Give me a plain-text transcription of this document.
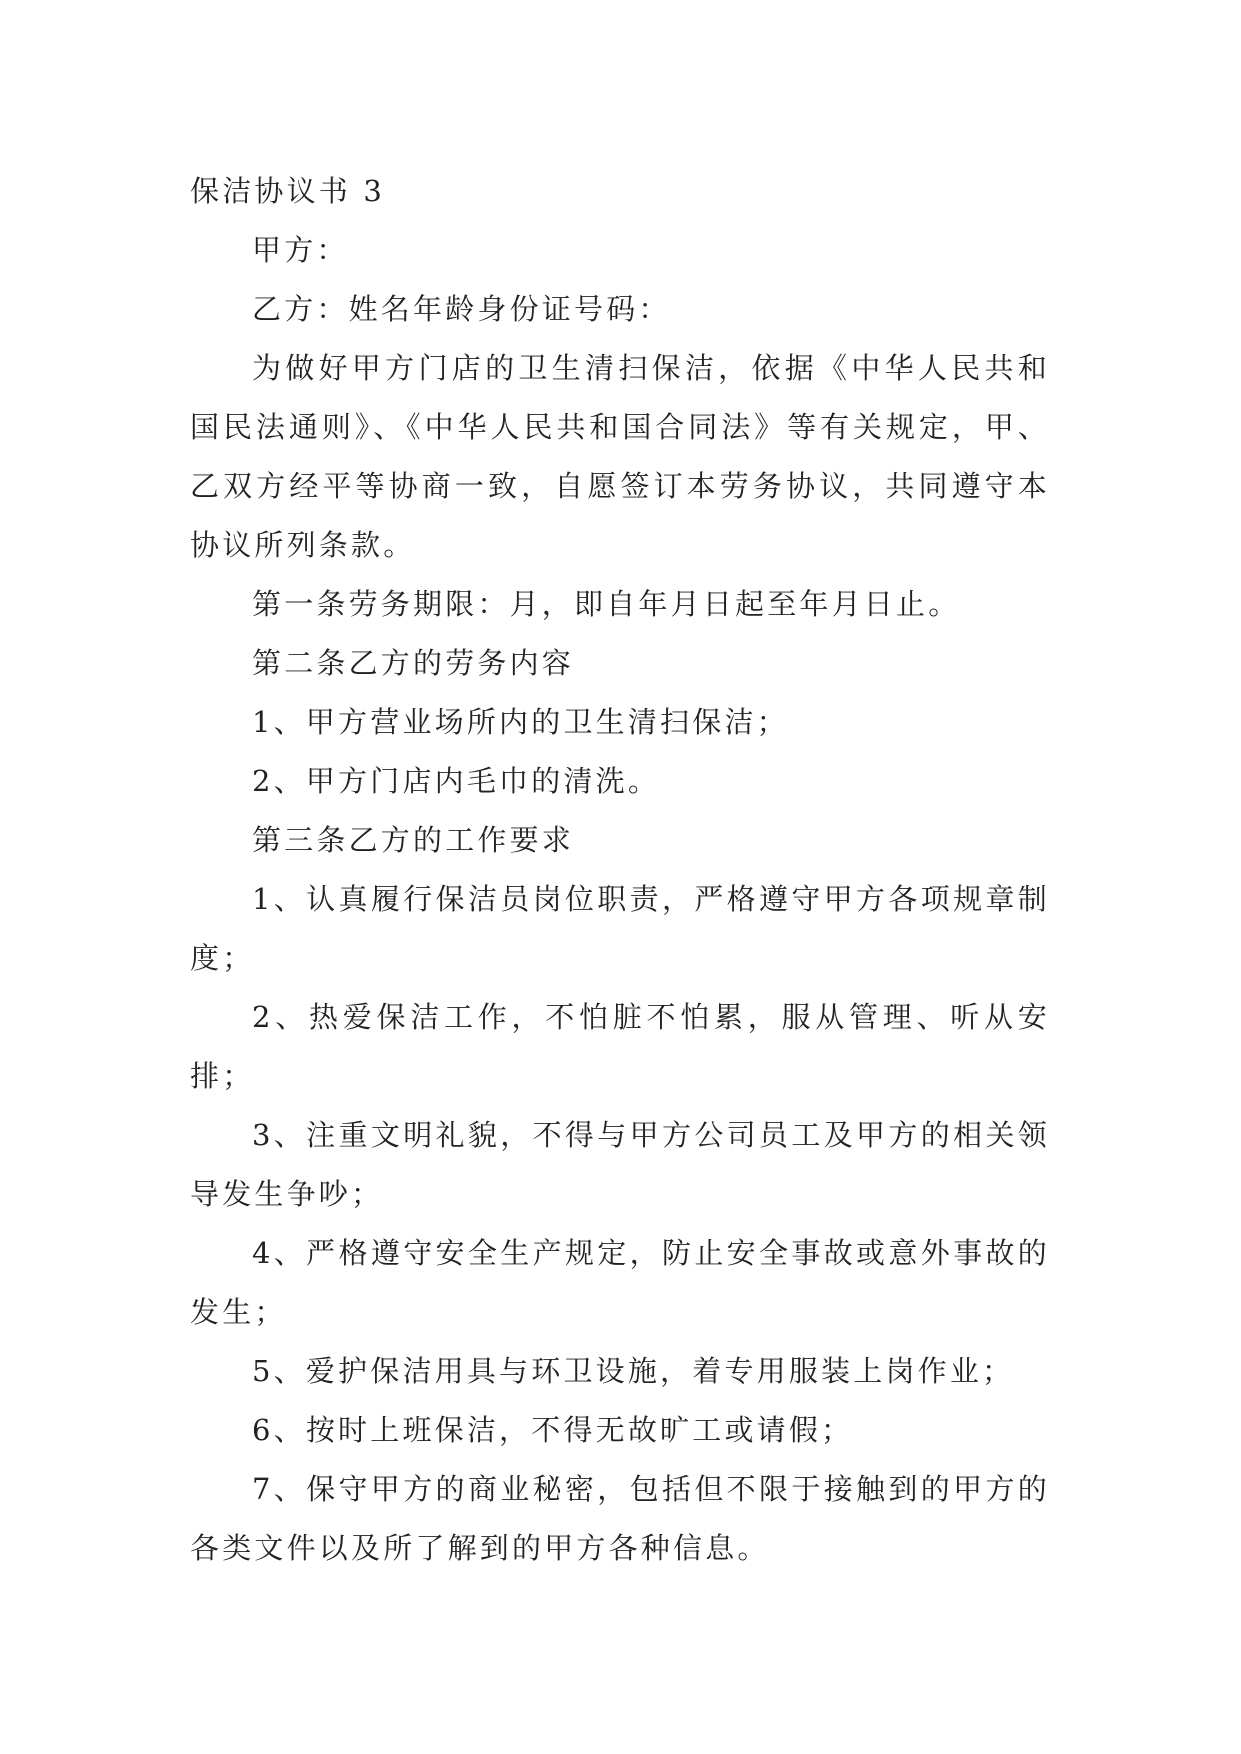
保洁协议书 3

甲方：

乙方：姓名年龄身份证号码：

为做好甲方门店的卫生清扫保洁，依据《中华人民共和国民法通则》、《中华人民共和国合同法》等有关规定，甲、乙双方经平等协商一致，自愿签订本劳务协议，共同遵守本协议所列条款。

第一条劳务期限：月，即自年月日起至年月日止。

第二条乙方的劳务内容

1、甲方营业场所内的卫生清扫保洁；

2、甲方门店内毛巾的清洗。

第三条乙方的工作要求

1、认真履行保洁员岗位职责，严格遵守甲方各项规章制度；

2、热爱保洁工作，不怕脏不怕累，服从管理、听从安排；

3、注重文明礼貌，不得与甲方公司员工及甲方的相关领导发生争吵；

4、严格遵守安全生产规定，防止安全事故或意外事故的发生；

5、爱护保洁用具与环卫设施，着专用服装上岗作业；

6、按时上班保洁，不得无故旷工或请假；

7、保守甲方的商业秘密，包括但不限于接触到的甲方的各类文件以及所了解到的甲方各种信息。
